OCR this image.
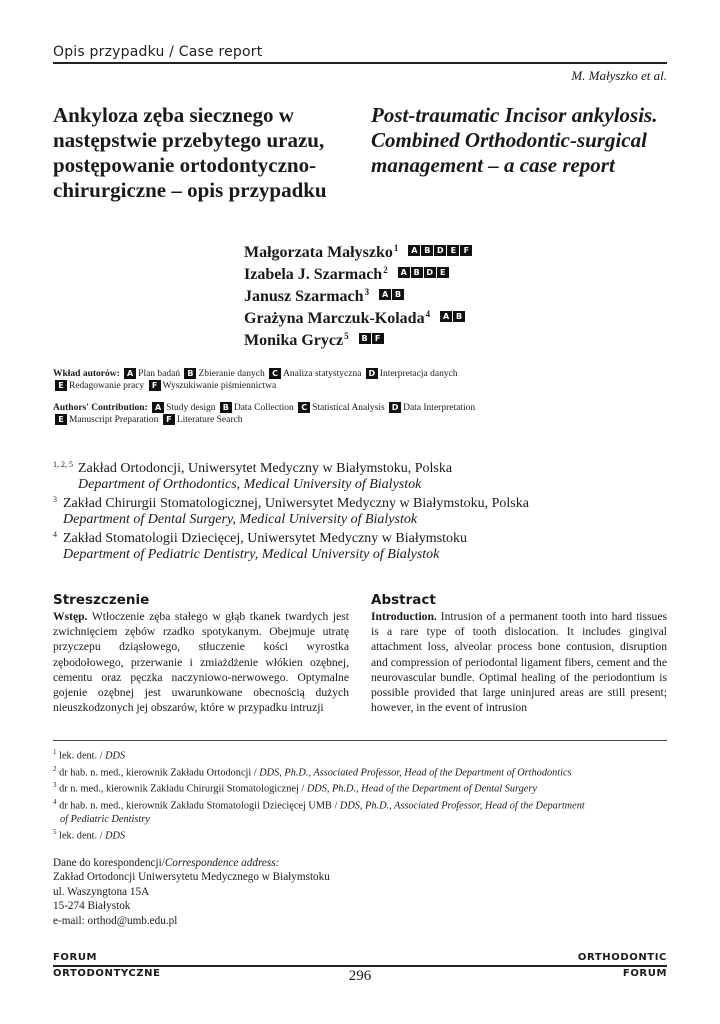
Opis przypadku / Case report
M. Małyszko et al.
Ankyloza zęba siecznego w następstwie przebytego urazu, postępowanie ortodontyczno-chirurgiczne – opis przypadku
Post-traumatic Incisor ankylosis. Combined Orthodontic-surgical management – a case report
Małgorzata Małyszko$^1$ A B D E F
Izabela J. Szarmach$^2$ A B D E
Janusz Szarmach$^3$ A B
Grażyna Marczuk-Kolada$^4$ A B
Monika Grycz$^5$ B F
Wkład autorów: A Plan badań B Zbieranie danych C Analiza statystyczna D Interpretacja danych
E Redagowanie pracy F Wyszukiwanie piśmiennictwa
Authors' Contribution: A Study design B Data Collection C Statistical Analysis D Data Interpretation
E Manuscript Preparation F Literature Search
1, 2, 5 Zakład Ortodoncji, Uniwersytet Medyczny w Białymstoku, Polska
Department of Orthodontics, Medical University of Bialystok
3 Zakład Chirurgii Stomatologicznej, Uniwersytet Medyczny w Białymstoku, Polska
Department of Dental Surgery, Medical University of Bialystok
4 Zakład Stomatologii Dziecięcej, Uniwersytet Medyczny w Białymstoku
Department of Pediatric Dentistry, Medical University of Bialystok
Streszczenie
Wstęp. Wtłoczenie zęba stałego w głąb tkanek twardych jest zwichnięciem zębów rzadko spotykanym. Obejmuje utratę przyczepu dziąsłowego, stłuczenie kości wyrostka zębodołowego, przerwanie i zmiażdżenie włókien ozębnej, cementu oraz pęczka naczyniowo-nerwowego. Optymalne gojenie ozębnej jest uwarunkowane obecnością dużych nieuszkodzonych jej obszarów, które w przypadku intruzji
Abstract
Introduction. Intrusion of a permanent tooth into hard tissues is a rare type of tooth dislocation. It includes gingival attachment loss, alveolar process bone contusion, disruption and compression of periodontal ligament fibers, cement and the neurovascular bundle. Optimal healing of the periodontium is possible provided that large uninjured areas are still present; however, in the event of intrusion
$^1$ lek. dent. / DDS
$^2$ dr hab. n. med., kierownik Zakładu Ortodoncji / DDS, Ph.D., Associated Professor, Head of the Department of Orthodontics
$^3$ dr n. med., kierownik Zakładu Chirurgii Stomatologicznej / DDS, Ph.D., Head of the Department of Dental Surgery
$^4$ dr hab. n. med., kierownik Zakładu Stomatologii Dziecięcej UMB / DDS, Ph.D., Associated Professor, Head of the Department
of Pediatric Dentistry
$^5$ lek. dent. / DDS
Dane do korespondencji/Correspondence address:
Zakład Ortodoncji Uniwersytetu Medycznego w Białymstoku
ul. Waszyngtona 15A
15-274 Białystok
e-mail: orthod@umb.edu.pl
FORUM	ORTHODONTIC
ORTODONTYCZNE	FORUM
296
